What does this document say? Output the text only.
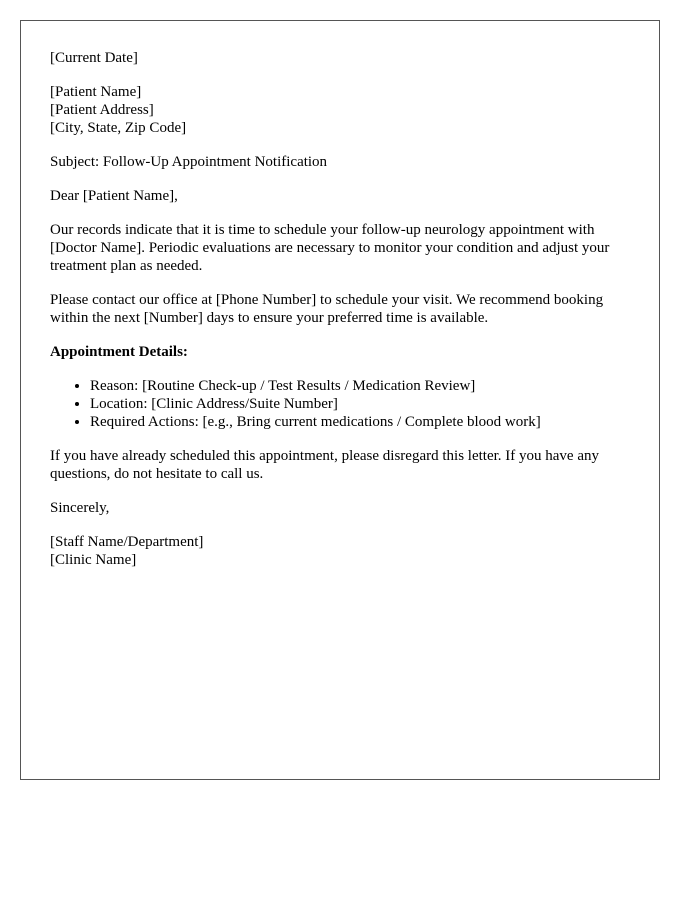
[Current Date]

[Patient Name]
[Patient Address]
[City, State, Zip Code]

Subject: Follow-Up Appointment Notification

Dear [Patient Name],

Our records indicate that it is time to schedule your follow-up neurology appointment with [Doctor Name]. Periodic evaluations are necessary to monitor your condition and adjust your treatment plan as needed.

Please contact our office at [Phone Number] to schedule your visit. We recommend booking within the next [Number] days to ensure your preferred time is available.

Appointment Details:

• Reason: [Routine Check-up / Test Results / Medication Review]
• Location: [Clinic Address/Suite Number]
• Required Actions: [e.g., Bring current medications / Complete blood work]

If you have already scheduled this appointment, please disregard this letter. If you have any questions, do not hesitate to call us.

Sincerely,

[Staff Name/Department]
[Clinic Name]
